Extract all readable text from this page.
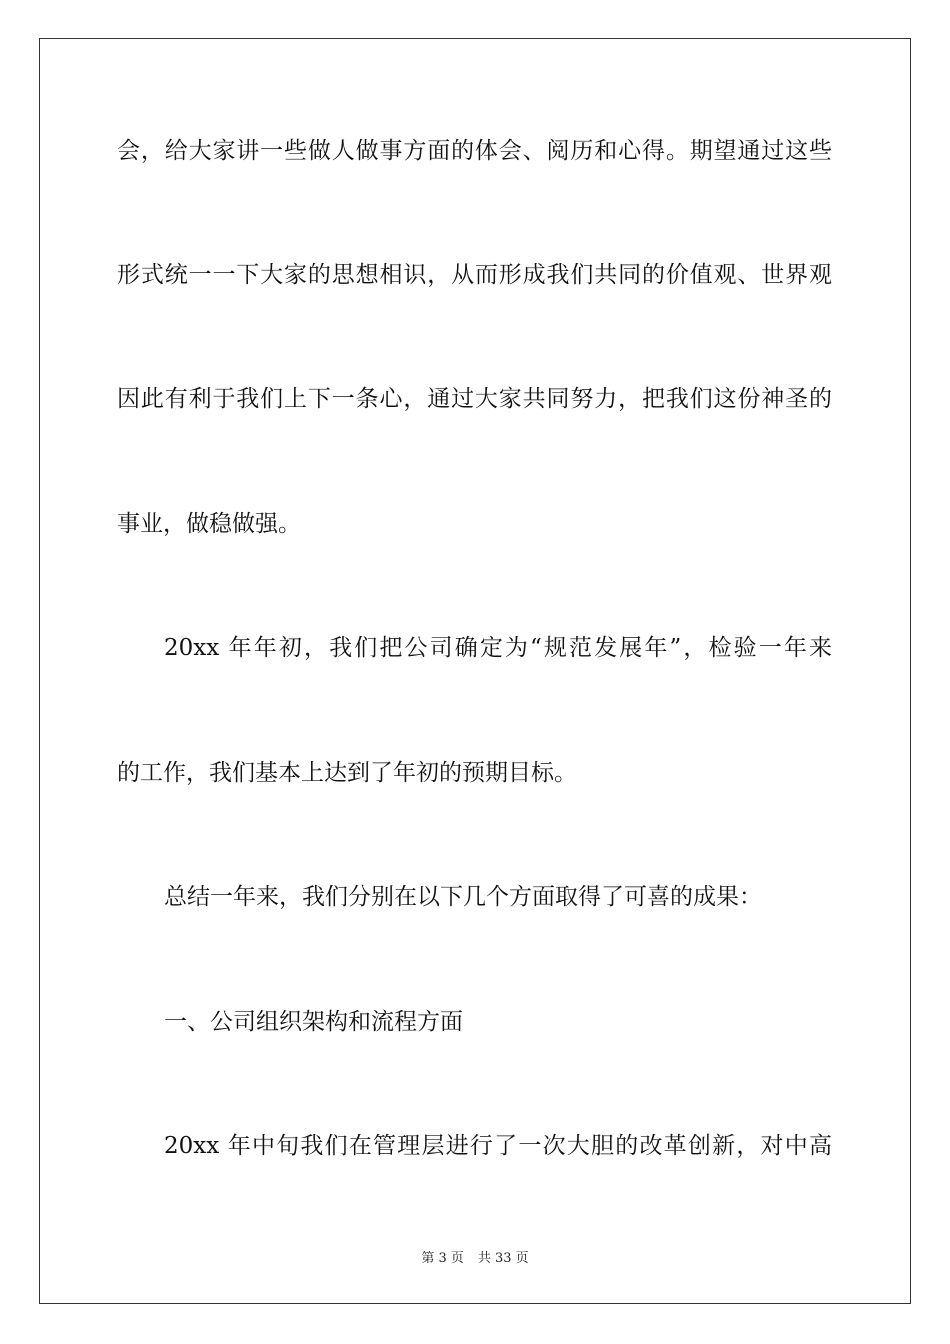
会，给大家讲一些做人做事方面的体会、阅历和心得。期望通过这些
形式统一一下大家的思想相识，从而形成我们共同的价值观、世界观
因此有利于我们上下一条心，通过大家共同努力，把我们这份神圣的
事业，做稳做强。
20xx 年年初，我们把公司确定为“规范发展年”，检验一年来
的工作，我们基本上达到了年初的预期目标。
总结一年来，我们分别在以下几个方面取得了可喜的成果：
一、公司组织架构和流程方面
20xx 年中旬我们在管理层进行了一次大胆的改革创新，对中高
第 3 页 共 33 页
